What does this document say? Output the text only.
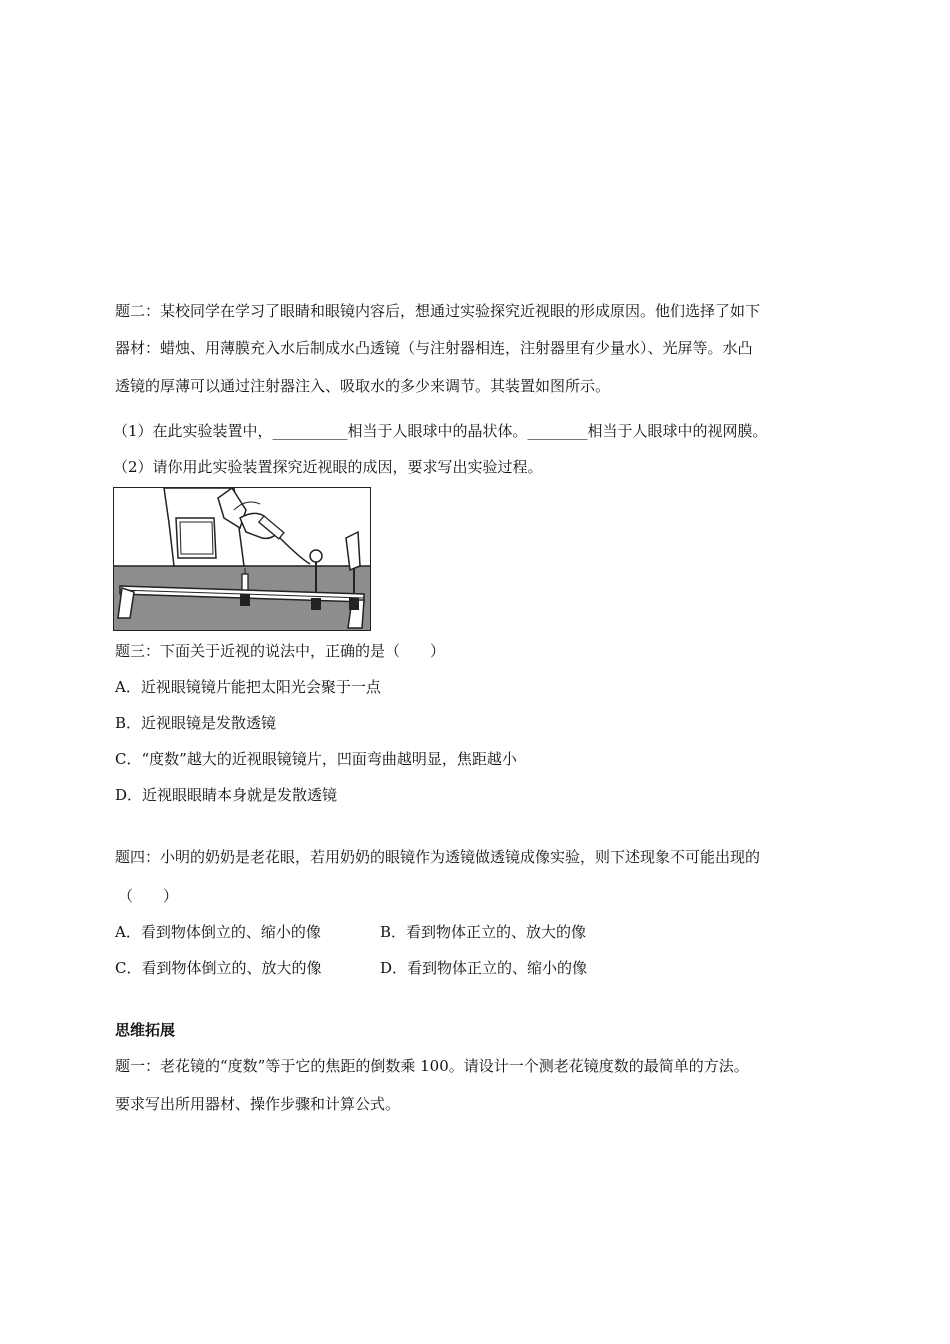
题二：某校同学在学习了眼睛和眼镜内容后，想通过实验探究近视眼的形成原因。他们选择了如下
器材：蜡烛、用薄膜充入水后制成水凸透镜（与注射器相连，注射器里有少量水）、光屏等。水凸
透镜的厚薄可以通过注射器注入、吸取水的多少来调节。其装置如图所示。
（1）在此实验装置中，__________相当于人眼球中的晶状体。________相当于人眼球中的视网膜。
（2）请你用此实验装置探究近视眼的成因，要求写出实验过程。
题三：下面关于近视的说法中，正确的是（　　）
A．近视眼镜镜片能把太阳光会聚于一点
B．近视眼镜是发散透镜
C．“度数”越大的近视眼镜镜片，凹面弯曲越明显，焦距越小
D．近视眼眼睛本身就是发散透镜
题四：小明的奶奶是老花眼，若用奶奶的眼镜作为透镜做透镜成像实验，则下述现象不可能出现的
（　　）
A．看到物体倒立的、缩小的像	B．看到物体正立的、放大的像
C．看到物体倒立的、放大的像	D．看到物体正立的、缩小的像
思维拓展
题一：老花镜的“度数”等于它的焦距的倒数乘 100。请设计一个测老花镜度数的最简单的方法。
要求写出所用器材、操作步骤和计算公式。
